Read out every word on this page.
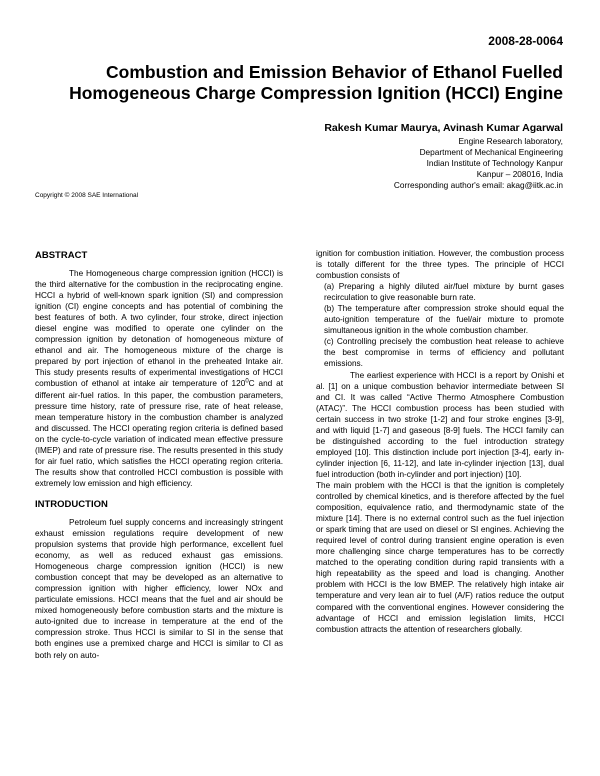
2008-28-0064
Combustion and Emission Behavior of Ethanol Fuelled
Homogeneous Charge Compression Ignition (HCCI) Engine
Rakesh Kumar Maurya, Avinash Kumar Agarwal
Engine Research laboratory,
Department of Mechanical Engineering
Indian Institute of Technology Kanpur
Kanpur – 208016, India
Corresponding author's email: akag@iitk.ac.in
Copyright © 2008 SAE International
ABSTRACT

The Homogeneous charge compression ignition (HCCI) is the third alternative for the combustion in the reciprocating engine. HCCI a hybrid of well-known spark ignition (SI) and compression ignition (CI) engine concepts and has potential of combining the best features of both. A two cylinder, four stroke, direct injection diesel engine was modified to operate one cylinder on the compression ignition by detonation of homogeneous mixture of ethanol and air. The homogeneous mixture of the charge is prepared by port injection of ethanol in the preheated Intake air. This study presents results of experimental investigations of HCCI combustion of ethanol at intake air temperature of $120^0C$ and at different air-fuel ratios. In this paper, the combustion parameters, pressure time history, rate of pressure rise, rate of heat release, mean temperature history in the combustion chamber is analyzed and discussed. The HCCI operating region criteria is defined based on the cycle-to-cycle variation of indicated mean effective pressure (IMEP) and rate of pressure rise. The results presented in this study for air fuel ratio, which satisfies the HCCI operating region criteria. The results show that controlled HCCI combustion is possible with extremely low emission and high efficiency.

INTRODUCTION

Petroleum fuel supply concerns and increasingly stringent exhaust emission regulations require development of new propulsion systems that provide high performance, excellent fuel economy, as well as reduced exhaust gas emissions. Homogeneous charge compression ignition (HCCI) is new combustion concept that may be developed as an alternative to compression ignition with higher efficiency, lower NOx and particulate emissions. HCCI means that the fuel and air should be mixed homogeneously before combustion starts and the mixture is auto-ignited due to increase in temperature at the end of the compression stroke. Thus HCCI is similar to SI in the sense that both engines use a premixed charge and HCCI is similar to CI as both rely on auto-

ignition for combustion initiation. However, the combustion process is totally different for the three types. The principle of HCCI combustion consists of

(a) Preparing a highly diluted air/fuel mixture by burnt gases recirculation to give reasonable burn rate.

(b) The temperature after compression stroke should equal the auto-ignition temperature of the fuel/air mixture to promote simultaneous ignition in the whole combustion chamber.

(c) Controlling precisely the combustion heat release to achieve the best compromise in terms of efficiency and pollutant emissions.

The earliest experience with HCCI is a report by Onishi et al. [1] on a unique combustion behavior intermediate between SI and CI. It was called “Active Thermo Atmosphere Combustion (ATAC)”. The HCCI combustion process has been studied with certain success in two stroke [1-2] and four stroke engines [3-9], and with liquid [1-7] and gaseous [8-9] fuels. The HCCI family can be distinguished according to the fuel introduction strategy employed [10]. This distinction include port injection [3-4], early in- cylinder injection [6, 11-12], and late in-cylinder injection [13], dual fuel introduction (both in-cylinder and port injection) [10].

The main problem with the HCCI is that the ignition is completely controlled by chemical kinetics, and is therefore affected by the fuel composition, equivalence ratio, and thermodynamic state of the mixture [14]. There is no external control such as the fuel injection or spark timing that are used on diesel or SI engines. Achieving the required level of control during transient engine operation is even more challenging since charge temperatures has to be correctly matched to the operating condition during rapid transients with a high repeatability as the speed and load is changing. Another problem with HCCI is the low BMEP. The relatively high intake air temperature and very lean air to fuel (A/F) ratios reduce the output compared with the conventional engines. However considering the advantage of HCCI and emission legislation limits, HCCI combustion attracts the attention of researchers globally.
